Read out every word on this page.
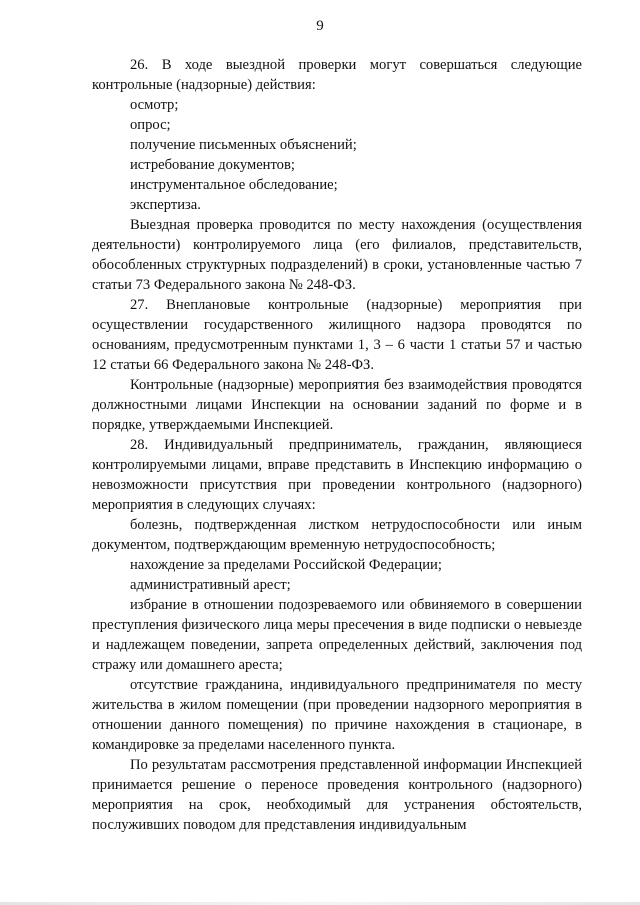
9

26. В ходе выездной проверки могут совершаться следующие контрольные (надзорные) действия:

осмотр;

опрос;

получение письменных объяснений;

истребование документов;

инструментальное обследование;

экспертиза.

Выездная проверка проводится по месту нахождения (осуществления деятельности) контролируемого лица (его филиалов, представительств, обособленных структурных подразделений) в сроки, установленные частью 7 статьи 73 Федерального закона № 248-ФЗ.

27. Внеплановые контрольные (надзорные) мероприятия при осуществлении государственного жилищного надзора проводятся по основаниям, предусмотренным пунктами 1, 3 – 6 части 1 статьи 57 и частью 12 статьи 66 Федерального закона № 248-ФЗ.

Контрольные (надзорные) мероприятия без взаимодействия проводятся должностными лицами Инспекции на основании заданий по форме и в порядке, утверждаемыми Инспекцией.

28. Индивидуальный предприниматель, гражданин, являющиеся контролируемыми лицами, вправе представить в Инспекцию информацию о невозможности присутствия при проведении контрольного (надзорного) мероприятия в следующих случаях:

болезнь, подтвержденная листком нетрудоспособности или иным документом, подтверждающим временную нетрудоспособность;

нахождение за пределами Российской Федерации;

административный арест;

избрание в отношении подозреваемого или обвиняемого в совершении преступления физического лица меры пресечения в виде подписки о невыезде и надлежащем поведении, запрета определенных действий, заключения под стражу или домашнего ареста;

отсутствие гражданина, индивидуального предпринимателя по месту жительства в жилом помещении (при проведении надзорного мероприятия в отношении данного помещения) по причине нахождения в стационаре, в командировке за пределами населенного пункта.

По результатам рассмотрения представленной информации Инспекцией принимается решение о переносе проведения контрольного (надзорного) мероприятия на срок, необходимый для устранения обстоятельств, послуживших поводом для представления индивидуальным
